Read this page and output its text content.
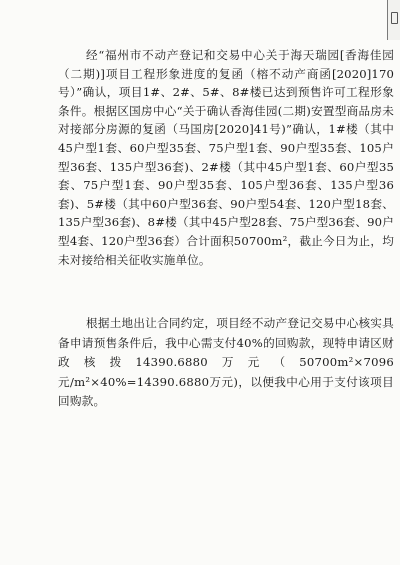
经“福州市不动产登记和交易中心关于海天瑞园[香海佳园（二期)]项目工程形象进度的复函（榕不动产商函[2020]170号）”确认，项目1#、2#、5#、8#楼已达到预售许可工程形象条件。根据区国房中心“关于确认香海佳园(二期)安置型商品房未对接部分房源的复函（马国房[2020]41号)”确认，1#楼（其中45户型1套、60户型35套、75户型1套、90户型35套、105户型36套、135户型36套)、2#楼（其中45户型1套、60户型35套、75户型1套、90户型35套、105户型36套、135户型36套)、5#楼（其中60户型36套、90户型54套、120户型18套、135户型36套)、8#楼（其中45户型28套、75户型36套、90户型4套、120户型36套）合计面积50700m²，截止今日为止，均未对接给相关征收实施单位。

根据土地出让合同约定，项目经不动产登记交易中心核实具备申请预售条件后，我中心需支付40%的回购款，现特申请区财政核拨14390.6880万元（50700m²×7096元/m²×40%=14390.6880万元)，以便我中心用于支付该项目回购款。
